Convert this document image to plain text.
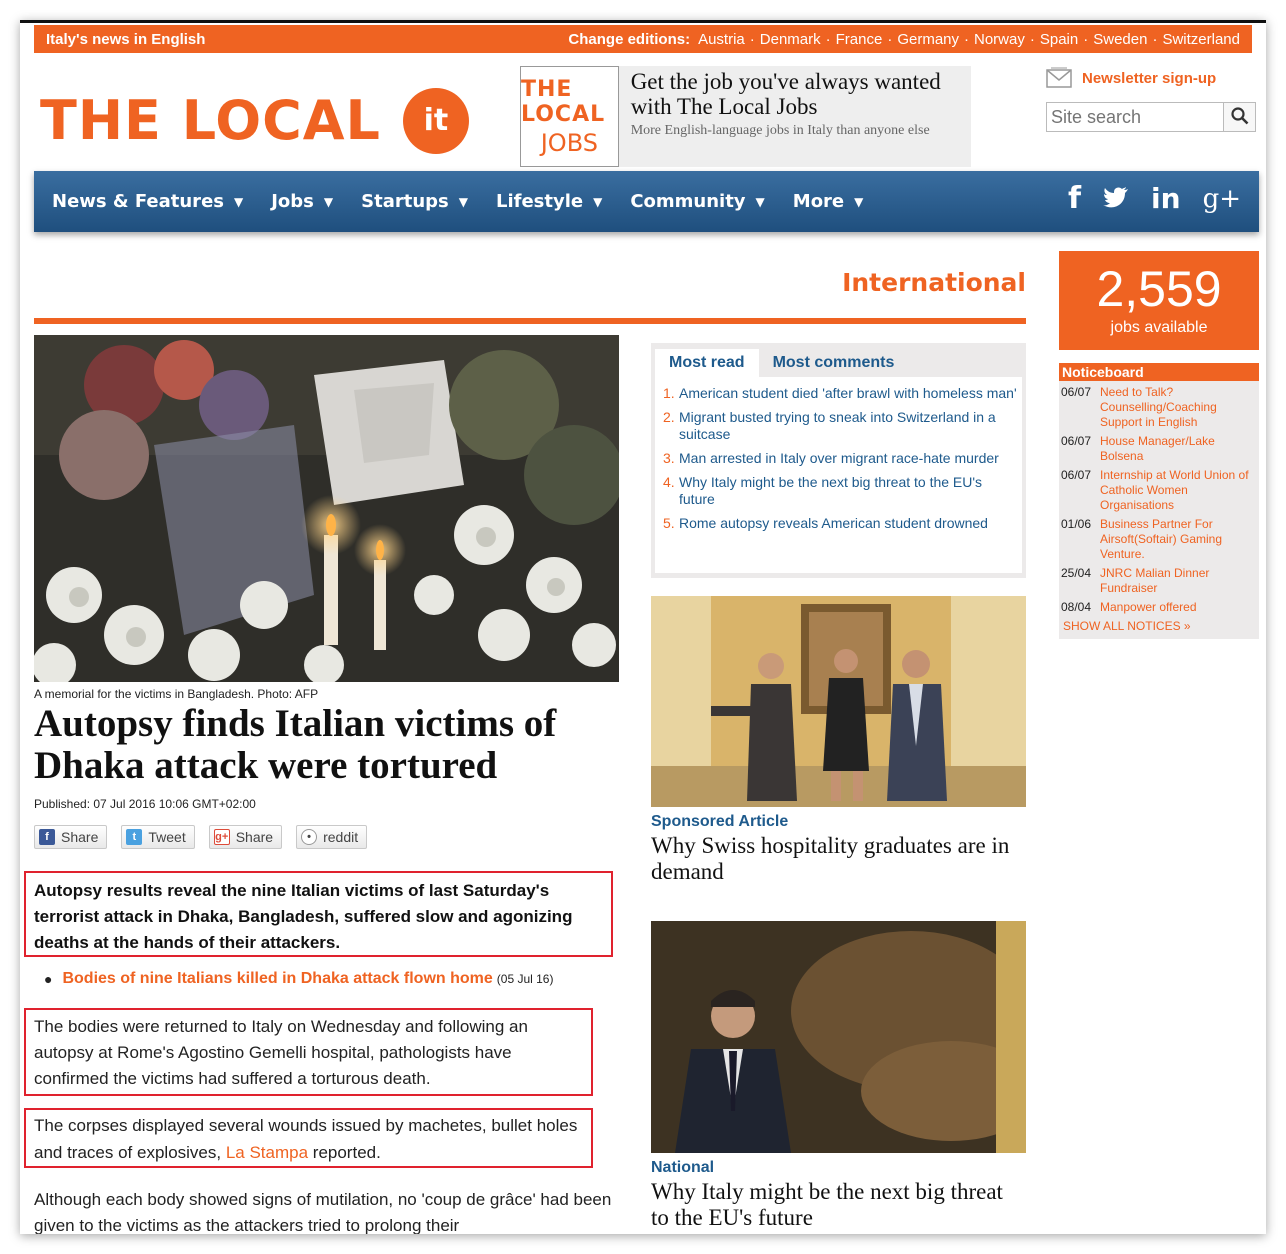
Italy's news in English	Change editions: Austria · Denmark · France · Germany · Norway · Spain · Sweden · Switzerland
THE LOCAL	it
THE LOCAL
JOBS
Get the job you've always wanted with The Local Jobs
More English-language jobs in Italy than anyone else
Newsletter sign-up
Site search
News & Features ▼ Jobs ▼ Startups ▼ Lifestyle ▼ Community ▼ More ▼	f	in g+
International
A memorial for the victims in Bangladesh. Photo: AFP
Autopsy finds Italian victims of Dhaka attack were tortured
Published: 07 Jul 2016 10:06 GMT+02:00
f Share	t Tweet	g+ Share	• reddit
Autopsy results reveal the nine Italian victims of last Saturday's terrorist attack in Dhaka, Bangladesh, suffered slow and agonizing deaths at the hands of their attackers.
● Bodies of nine Italians killed in Dhaka attack flown home (05 Jul 16)
The bodies were returned to Italy on Wednesday and following an autopsy at Rome's Agostino Gemelli hospital, pathologists have confirmed the victims had suffered a torturous death.
The corpses displayed several wounds issued by machetes, bullet holes and traces of explosives, La Stampa reported.
Although each body showed signs of mutilation, no 'coup de grâce' had been given to the victims as the attackers tried to prolong their
Most read	Most comments
1. American student died 'after brawl with homeless man'
2. Migrant busted trying to sneak into Switzerland in a suitcase
3. Man arrested in Italy over migrant race-hate murder
4. Why Italy might be the next big threat to the EU's future
5. Rome autopsy reveals American student drowned
Sponsored Article
Why Swiss hospitality graduates are in demand
National
Why Italy might be the next big threat to the EU's future
2,559
jobs available
Noticeboard
06/07 Need to Talk? Counselling/Coaching Support in English
06/07 House Manager/Lake Bolsena
06/07 Internship at World Union of Catholic Women Organisations
01/06 Business Partner For Airsoft(Softair) Gaming Venture.
25/04 JNRC Malian Dinner Fundraiser
08/04 Manpower offered
SHOW ALL NOTICES »
